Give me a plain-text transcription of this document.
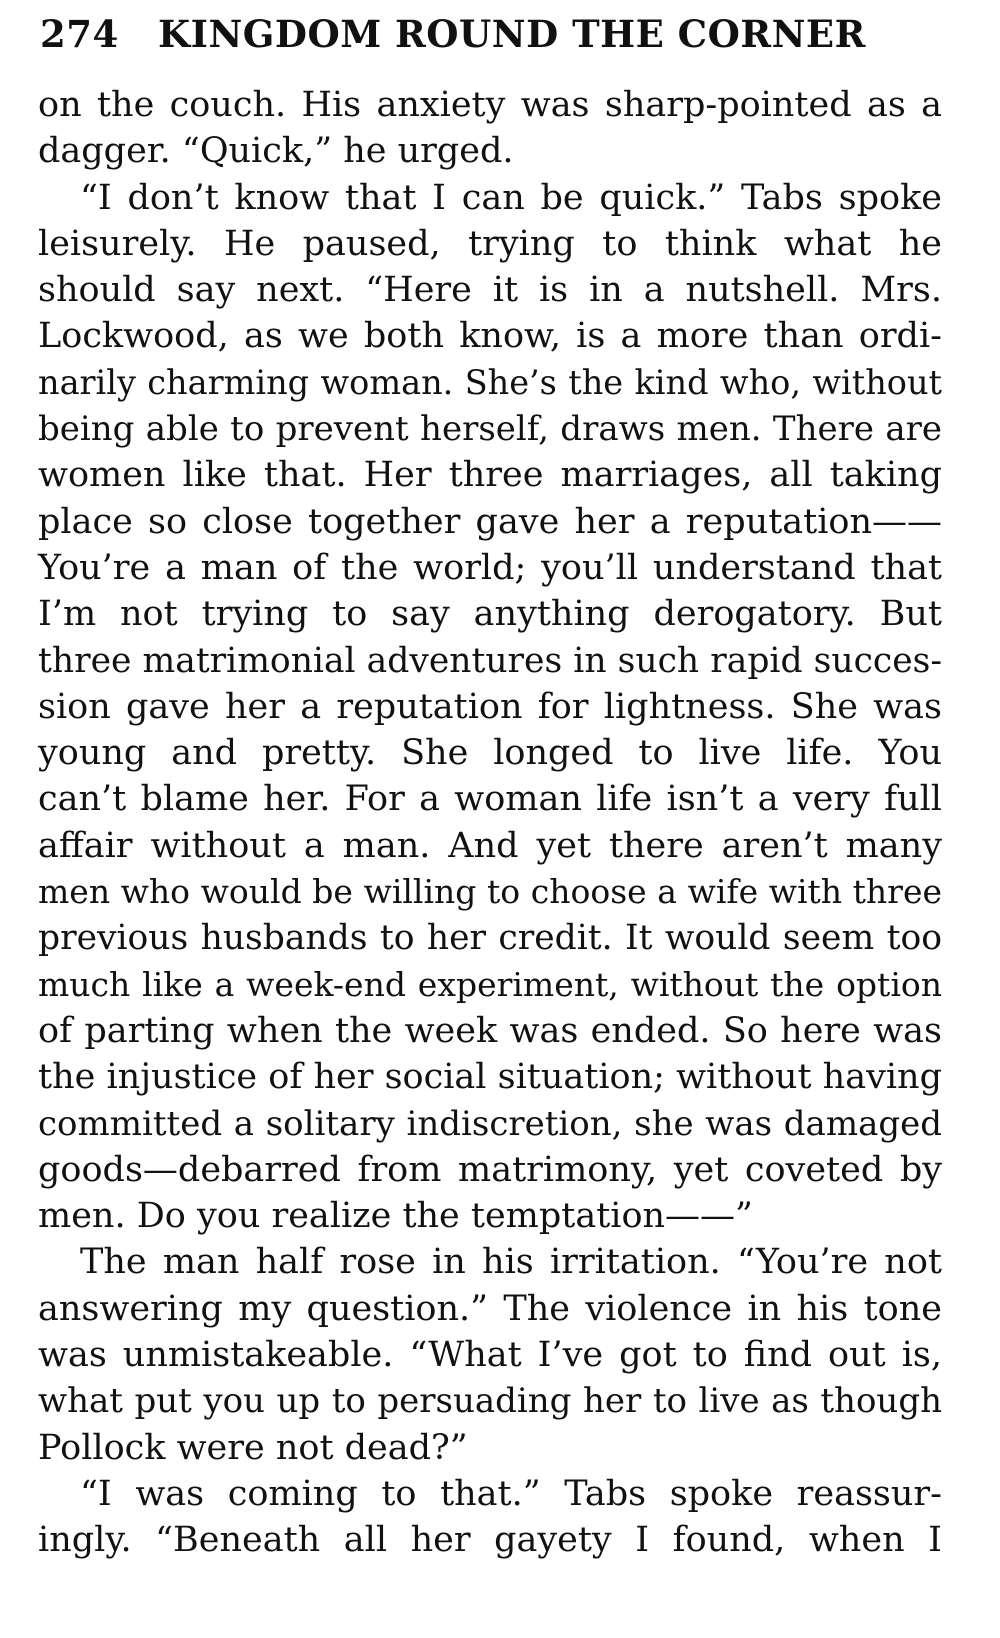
274 KINGDOM ROUND THE CORNER
on the couch. His anxiety was sharp-pointed as a
dagger. “Quick,” he urged.
“I don’t know that I can be quick.” Tabs spoke
leisurely. He paused, trying to think what he
should say next. “Here it is in a nutshell. Mrs.
Lockwood, as we both know, is a more than ordi-
narily charming woman. She’s the kind who, without
being able to prevent herself, draws men. There are
women like that. Her three marriages, all taking
place so close together gave her a reputation——
You’re a man of the world; you’ll understand that
I’m not trying to say anything derogatory. But
three matrimonial adventures in such rapid succes-
sion gave her a reputation for lightness. She was
young and pretty. She longed to live life. You
can’t blame her. For a woman life isn’t a very full
affair without a man. And yet there aren’t many
men who would be willing to choose a wife with three
previous husbands to her credit. It would seem too
much like a week-end experiment, without the option
of parting when the week was ended. So here was
the injustice of her social situation; without having
committed a solitary indiscretion, she was damaged
goods—debarred from matrimony, yet coveted by
men. Do you realize the temptation——”
The man half rose in his irritation. “You’re not
answering my question.” The violence in his tone
was unmistakeable. “What I’ve got to find out is,
what put you up to persuading her to live as though
Pollock were not dead?”
“I was coming to that.” Tabs spoke reassur-
ingly. “Beneath all her gayety I found, when I
